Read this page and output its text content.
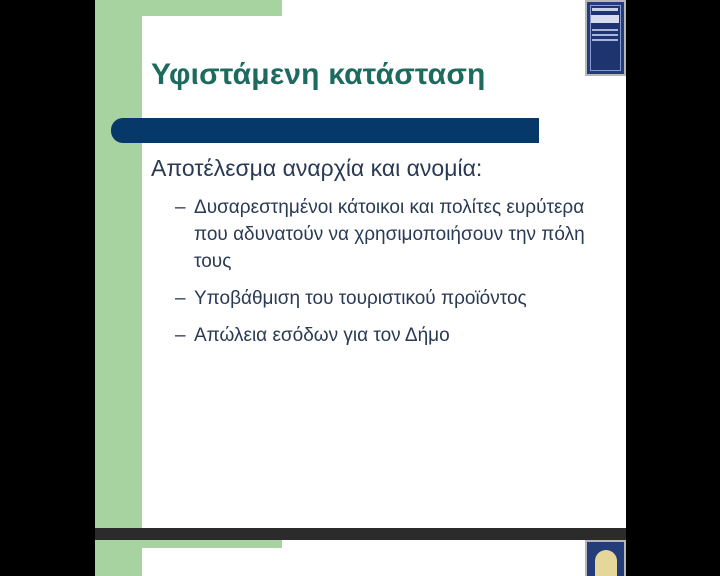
Υφιστάμενη κατάσταση
Αποτέλεσμα αναρχία και ανομία:
– Δυσαρεστημένοι κάτοικοι και πολίτες ευρύτερα που αδυνατούν να χρησιμοποιήσουν την πόλη τους
– Υποβάθμιση του τουριστικού προϊόντος
– Απώλεια εσόδων για τον Δήμο
